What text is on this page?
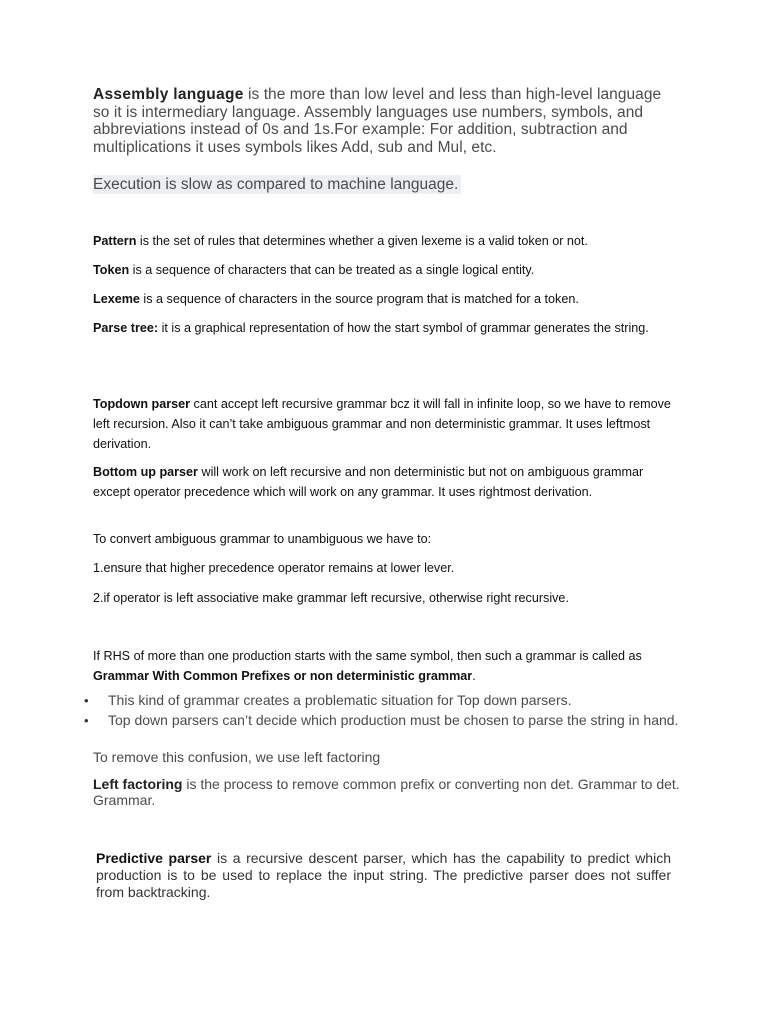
Assembly language is the more than low level and less than high-level language so it is intermediary language. Assembly languages use numbers, symbols, and abbreviations instead of 0s and 1s.For example: For addition, subtraction and multiplications it uses symbols likes Add, sub and Mul, etc.

Execution is slow as compared to machine language.

Pattern is the set of rules that determines whether a given lexeme is a valid token or not.

Token is a sequence of characters that can be treated as a single logical entity.

Lexeme is a sequence of characters in the source program that is matched for a token.

Parse tree: it is a graphical representation of how the start symbol of grammar generates the string.

Topdown parser cant accept left recursive grammar bcz it will fall in infinite loop, so we have to remove left recursion. Also it can’t take ambiguous grammar and non deterministic grammar. It uses leftmost derivation.

Bottom up parser will work on left recursive and non deterministic but not on ambiguous grammar except operator precedence which will work on any grammar. It uses rightmost derivation.

To convert ambiguous grammar to unambiguous we have to:

1.ensure that higher precedence operator remains at lower lever.

2.if operator is left associative make grammar left recursive, otherwise right recursive.

If RHS of more than one production starts with the same symbol, then such a grammar is called as Grammar With Common Prefixes or non deterministic grammar.

• This kind of grammar creates a problematic situation for Top down parsers.
• Top down parsers can’t decide which production must be chosen to parse the string in hand.

To remove this confusion, we use left factoring

Left factoring is the process to remove common prefix or converting non det. Grammar to det. Grammar.

Predictive parser is a recursive descent parser, which has the capability to predict which production is to be used to replace the input string. The predictive parser does not suffer from backtracking.
